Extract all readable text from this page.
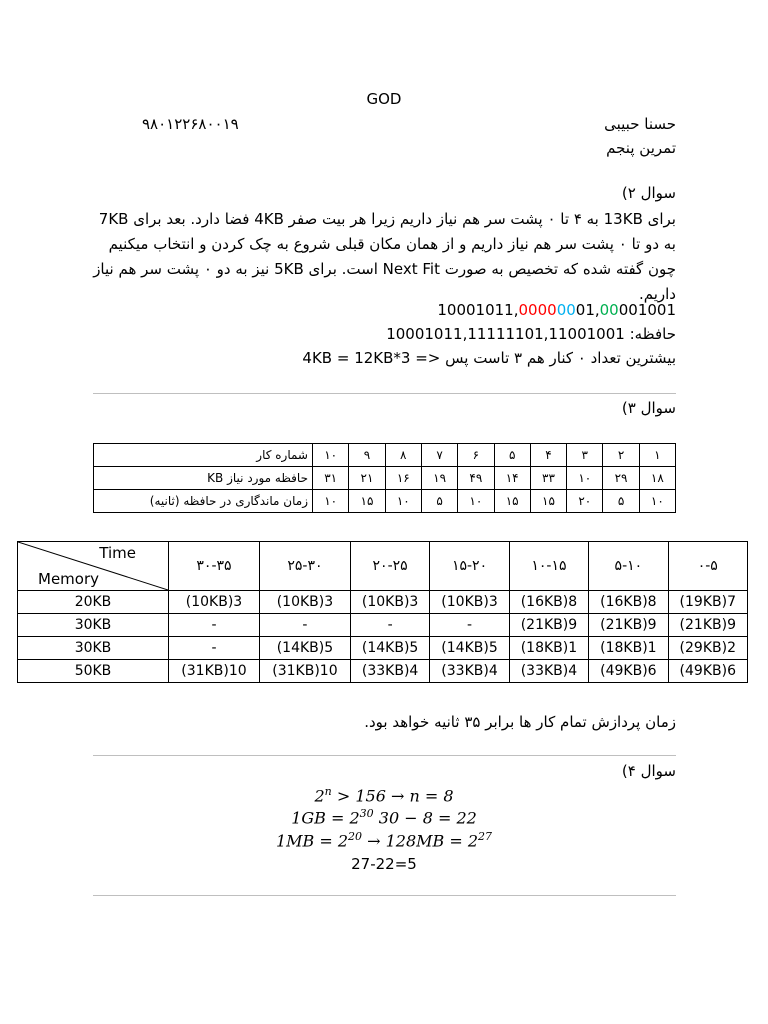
GOD
حسنا حبیبی
۹۸۰۱۲۲۶۸۰۰۱۹
تمرین پنجم
سوال ۲)
برای 13KB به ۴ تا ۰ پشت سر هم نیاز داریم زیرا هر بیت صفر 4KB فضا دارد. بعد برای 7KB به دو تا ۰ پشت سر هم نیاز داریم و از همان مکان قبلی شروع به چک کردن و انتخاب میکنیم چون گفته شده که تخصیص به صورت Next Fit است. برای 5KB نیز به دو ۰ پشت سر هم نیاز داریم.
10001011,00000001,00001001
حافظه: 10001011,11111101,11001001
بیشترین تعداد ۰ کنار هم ۳ تاست پس <= 3*4KB = 12KB
سوال ۳)
۱	۲	۳	۴	۵	۶	۷	۸	۹	۱۰	شماره کار
۱۸	۲۹	۱۰	۳۳	۱۴	۴۹	۱۹	۱۶	۲۱	۳۱	حافظه مورد نیاز KB
۱۰	۵	۲۰	۱۵	۱۵	۱۰	۵	۱۰	۱۵	۱۰	زمان ماندگاری در حافظه (ثانیه)
۰-۵	۵-۱۰	۱۰-۱۵	۱۵-۲۰	۲۰-۲۵	۲۵-۳۰	۳۰-۳۵	Time
Memory

7(19KB)	8(16KB)	8(16KB)	3(10KB)	3(10KB)	3(10KB)	3(10KB)	20KB
9(21KB)	9(21KB)	9(21KB)	-	-	-	-	30KB
2(29KB)	1(18KB)	1(18KB)	5(14KB)	5(14KB)	5(14KB)	-	30KB
6(49KB)	6(49KB)	4(33KB)	4(33KB)	4(33KB)	10(31KB)	10(31KB)	50KB
زمان پردازش تمام کار ها برابر ۳۵ ثانیه خواهد بود.
سوال ۴)
$2^n > 156 \to n = 8$
$1GB = 2^{30}$ 30 − 8 = 22
$1MB = 2^{20} \to 128MB = 2^{27}$
27-22=5
